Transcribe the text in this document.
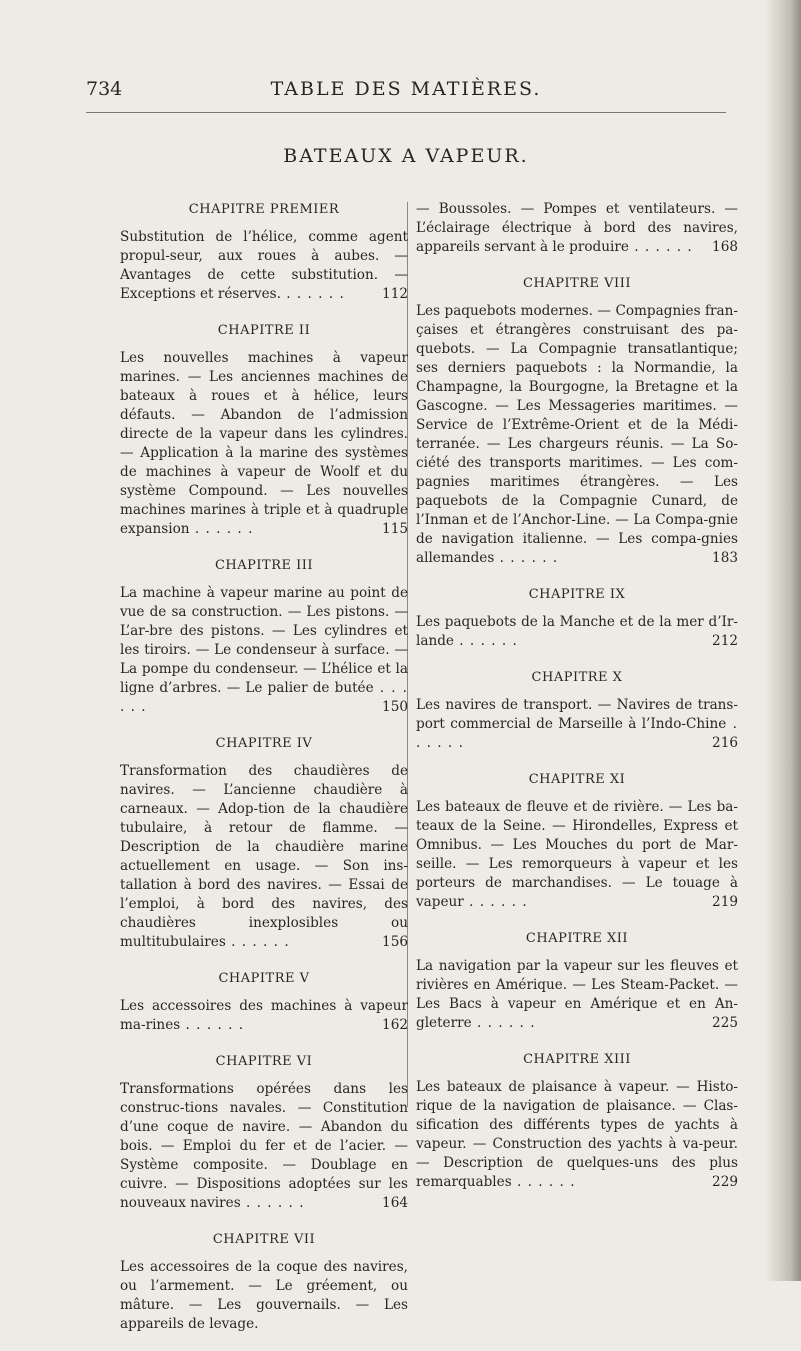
734	TABLE DES MATIÈRES.
BATEAUX A VAPEUR.
CHAPITRE PREMIER
Substitution de l’hélice, comme agent propul-seur, aux roues à aubes. — Avantages de cette substitution. — Exceptions et réserves. . . . . . .	112
CHAPITRE II
Les nouvelles machines à vapeur marines. — Les anciennes machines de bateaux à roues et à hélice, leurs défauts. — Abandon de l’admission directe de la vapeur dans les cylindres. — Application à la marine des systèmes de machines à vapeur de Woolf et du système Compound. — Les nouvelles machines marines à triple et à quadruple expansion . . . . . .	115
CHAPITRE III
La machine à vapeur marine au point de vue de sa construction. — Les pistons. — L’ar-bre des pistons. — Les cylindres et les tiroirs. — Le condenseur à surface. — La pompe du condenseur. — L’hélice et la ligne d’arbres. — Le palier de butée . . . . . .	150
CHAPITRE IV
Transformation des chaudières de navires. — L’ancienne chaudière à carneaux. — Adop-tion de la chaudière tubulaire, à retour de flamme. — Description de la chaudière marine actuellement en usage. — Son ins-tallation à bord des navires. — Essai de l’emploi, à bord des navires, des chaudières inexplosibles ou multitubulaires . . . . . .	156
CHAPITRE V
Les accessoires des machines à vapeur ma-rines . . . . . .	162
CHAPITRE VI
Transformations opérées dans les construc-tions navales. — Constitution d’une coque de navire. — Abandon du bois. — Emploi du fer et de l’acier. — Système composite. — Doublage en cuivre. — Dispositions adoptées sur les nouveaux navires . . . . . .	164
CHAPITRE VII
Les accessoires de la coque des navires, ou l’armement. — Le gréement, ou mâture. — Les gouvernails. — Les appareils de levage.
— Boussoles. — Pompes et ventilateurs. — L’éclairage électrique à bord des navires, appareils servant à le produire . . . . . . 168
CHAPITRE VIII
Les paquebots modernes. — Compagnies fran-çaises et étrangères construisant des pa-quebots. — La Compagnie transatlantique; ses derniers paquebots : la Normandie, la Champagne, la Bourgogne, la Bretagne et la Gascogne. — Les Messageries maritimes. — Service de l’Extrême-Orient et de la Médi-terranée. — Les chargeurs réunis. — La So-ciété des transports maritimes. — Les com-pagnies maritimes étrangères. — Les paquebots de la Compagnie Cunard, de l’Inman et de l’Anchor-Line. — La Compa-gnie de navigation italienne. — Les compa-gnies allemandes . . . . . .	183
CHAPITRE IX
Les paquebots de la Manche et de la mer d’Ir-lande . . . . . .	212
CHAPITRE X
Les navires de transport. — Navires de trans-port commercial de Marseille à l’Indo-Chine . . . . . .	216
CHAPITRE XI
Les bateaux de fleuve et de rivière. — Les ba-teaux de la Seine. — Hirondelles, Express et Omnibus. — Les Mouches du port de Mar-seille. — Les remorqueurs à vapeur et les porteurs de marchandises. — Le touage à vapeur . . . . . .	219
CHAPITRE XII
La navigation par la vapeur sur les fleuves et rivières en Amérique. — Les Steam-Packet. — Les Bacs à vapeur en Amérique et en An-gleterre . . . . . .	225
CHAPITRE XIII
Les bateaux de plaisance à vapeur. — Histo-rique de la navigation de plaisance. — Clas-sification des différents types de yachts à vapeur. — Construction des yachts à va-peur. — Description de quelques-uns des plus remarquables . . . . . .	229
